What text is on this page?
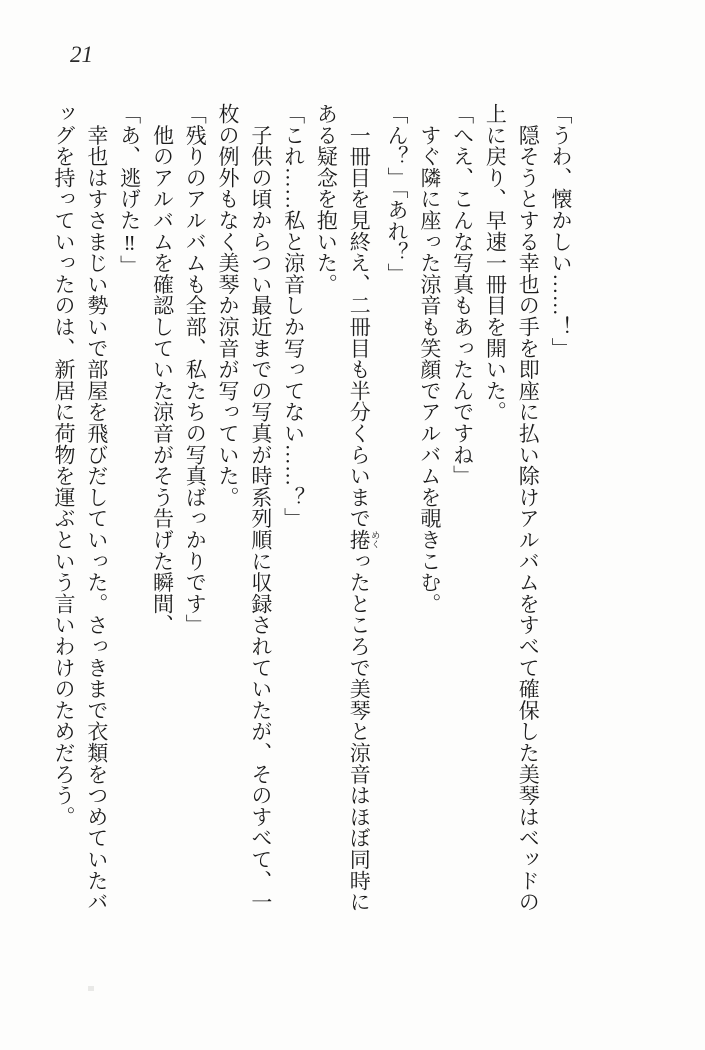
21

「うわ、懐かしい……！」

　隠そうとする幸也の手を即座に払い除けアルバムをすべて確保した美琴はベッドの

上に戻り、早速一冊目を開いた。

「へえ、こんな写真もあったんですね」

　すぐ隣に座った涼音も笑顔でアルバムを覗きこむ。

「ん？」「あれ？」

　一冊目を見終え、二冊目も半分くらいまで捲 めくったところで美琴と涼音はほぼ同時に

ある疑念を抱いた。

「これ……私と涼音しか写ってない……？」

　子供の頃からつい最近までの写真が時系列順に収録されていたが、そのすべて、一

枚の例外もなく美琴か涼音が写っていた。

「残りのアルバムも全部、私たちの写真ばっかりです」

　他のアルバムを確認していた涼音がそう告げた瞬間、

「あ、逃げた‼」

　幸也はすさまじい勢いで部屋を飛びだしていった。さっきまで衣類をつめていたバ

ッグを持っていったのは、新居に荷物を運ぶという言いわけのためだろう。
